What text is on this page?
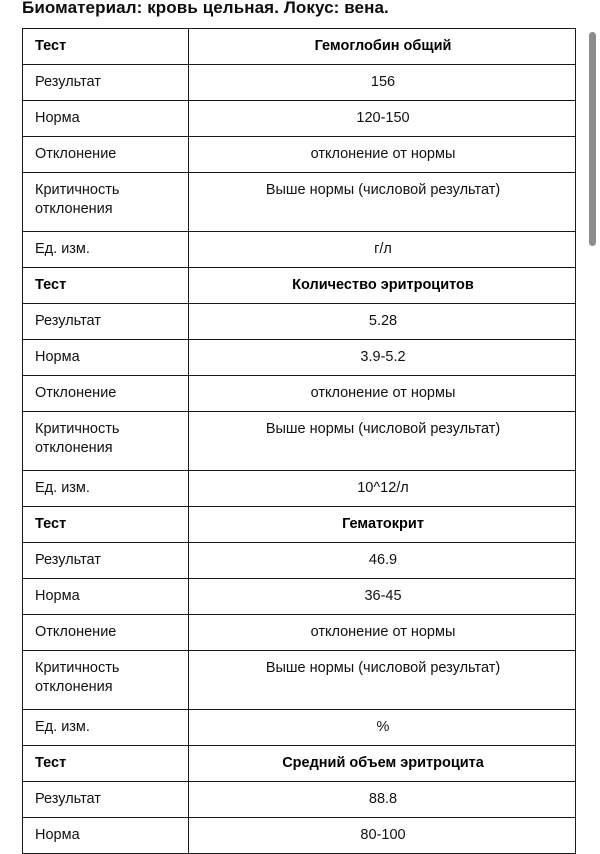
Биоматериал: кровь цельная. Локус: вена.
Тест	Гемоглобин общий
Результат	156
Норма	120-150
Отклонение	отклонение от нормы
Критичность отклонения	Выше нормы (числовой результат)
Ед. изм.	г/л
Тест	Количество эритроцитов
Результат	5.28
Норма	3.9-5.2
Отклонение	отклонение от нормы
Критичность отклонения	Выше нормы (числовой результат)
Ед. изм.	10^12/л
Тест	Гематокрит
Результат	46.9
Норма	36-45
Отклонение	отклонение от нормы
Критичность отклонения	Выше нормы (числовой результат)
Ед. изм.	%
Тест	Средний объем эритроцита
Результат	88.8
Норма	80-100
